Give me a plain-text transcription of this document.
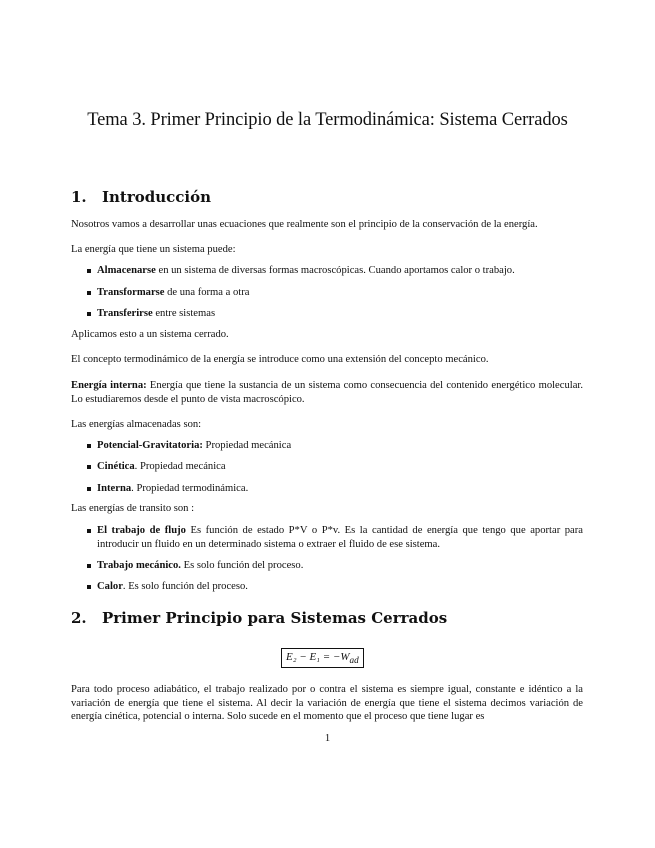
Tema 3. Primer Principio de la Termodinámica: Sistema Cerrados
1. Introducción
Nosotros vamos a desarrollar unas ecuaciones que realmente son el principio de la conservación de la energía.
La energía que tiene un sistema puede:
Almacenarse en un sistema de diversas formas macroscópicas. Cuando aportamos calor o trabajo.
Transformarse de una forma a otra
Transferirse entre sistemas
Aplicamos esto a un sistema cerrado.
El concepto termodinámico de la energía se introduce como una extensión del concepto mecánico.
Energía interna: Energía que tiene la sustancia de un sistema como consecuencia del contenido energético molecular. Lo estudiaremos desde el punto de vista macroscópico.
Las energías almacenadas son:
Potencial-Gravitatoria: Propiedad mecánica
Cinética. Propiedad mecánica
Interna. Propiedad termodinámica.
Las energías de transito son :
El trabajo de flujo Es función de estado P*V o P*v. Es la cantidad de energía que tengo que aportar para introducir un fluido en un determinado sistema o extraer el fluido de ese sistema.
Trabajo mecánico. Es solo función del proceso.
Calor. Es solo función del proceso.
2. Primer Principio para Sistemas Cerrados
$E_2 - E_1 = -W_{ad}$
Para todo proceso adiabático, el trabajo realizado por o contra el sistema es siempre igual, constante e idéntico a la variación de energía que tiene el sistema. Al decir la variación de energía que tiene el sistema decimos variación de energía cinética, potencial o interna. Solo sucede en el momento que el proceso que tiene lugar es
1
